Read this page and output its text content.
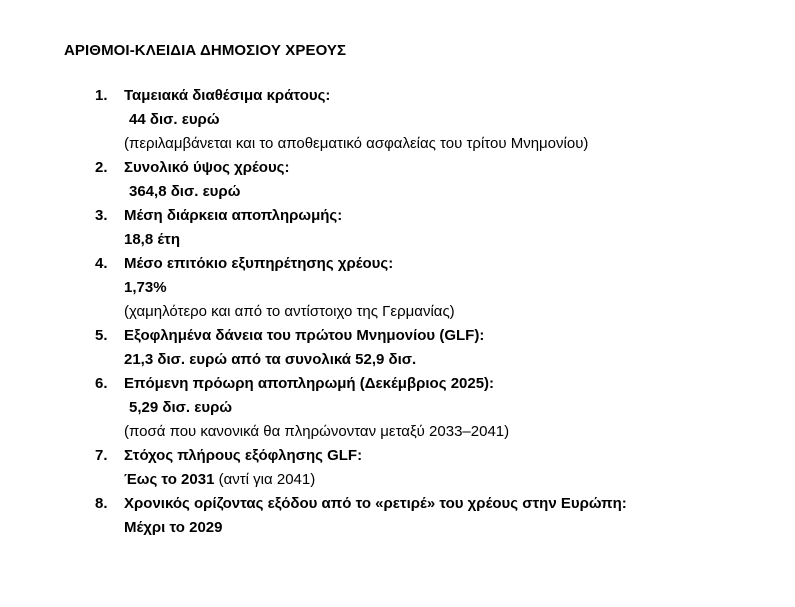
ΑΡΙΘΜΟΙ-ΚΛΕΙΔΙΑ ΔΗΜΟΣΙΟΥ ΧΡΕΟΥΣ
1.	Ταμειακά διαθέσιμα κράτους:
44 δισ. ευρώ
(περιλαμβάνεται και το αποθεματικό ασφαλείας του τρίτου Μνημονίου)
2.	Συνολικό ύψος χρέους:
364,8 δισ. ευρώ
3.	Μέση διάρκεια αποπληρωμής:
18,8 έτη
4.	Μέσο επιτόκιο εξυπηρέτησης χρέους:
1,73%
(χαμηλότερο και από το αντίστοιχο της Γερμανίας)
5.	Εξοφλημένα δάνεια του πρώτου Μνημονίου (GLF):
21,3 δισ. ευρώ από τα συνολικά 52,9 δισ.
6.	Επόμενη πρόωρη αποπληρωμή (Δεκέμβριος 2025):
5,29 δισ. ευρώ
(ποσά που κανονικά θα πληρώνονταν μεταξύ 2033–2041)
7.	Στόχος πλήρους εξόφλησης GLF:
Έως το 2031 (αντί για 2041)
8.	Χρονικός ορίζοντας εξόδου από το «ρετιρέ» του χρέους στην Ευρώπη:
Μέχρι το 2029
